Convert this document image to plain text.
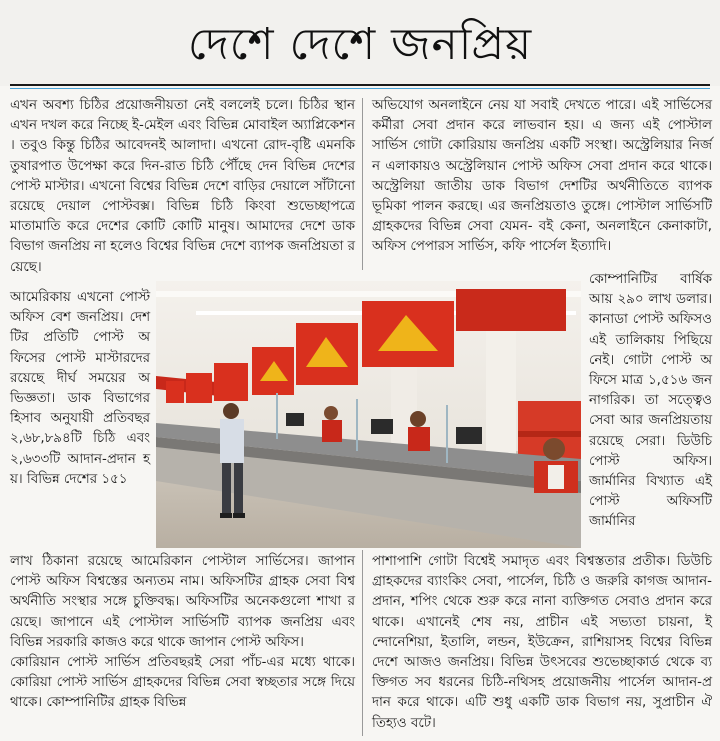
দেশে দেশে জনপ্রিয়

এখন অবশ্য চিঠির প্রয়োজনীয়তা নেই বললেই চলে। চিঠির স্থান এখন দখল করে নিচ্ছে ই-মেইল এবং বিভিন্ন মোবাইল অ্যাপ্লিকেশন। তবুও কিন্তু চিঠির আবেদনই আলাদা। এখনো রোদ-বৃষ্টি এমনকি তুষারপাত উপেক্ষা করে দিন-রাত চিঠি পৌঁছে দেন বিভিন্ন দেশের পোস্ট মাস্টার। এখনো বিশ্বের বিভিন্ন দেশে বাড়ির দেয়ালে সাঁটানো রয়েছে দেয়াল পোস্টবক্স। বিভিন্ন চিঠি কিংবা শুভেচ্ছাপত্রে মাতামাতি করে দেশের কোটি কোটি মানুষ। আমাদের দেশে ডাক বিভাগ জনপ্রিয় না হলেও বিশ্বের বিভিন্ন দেশে ব্যাপক জনপ্রিয়তা রয়েছে।

আমেরিকায় এখনো পোস্ট অফিস বেশ জনপ্রিয়। দেশটির প্রতিটি পোস্ট অফিসের পোস্ট মাস্টারদের রয়েছে দীর্ঘ সময়ের অভিজ্ঞতা। ডাক বিভাগের হিসাব অনুযায়ী প্রতিবছর ২,৬৮,৮৯৪টি চিঠি এবং ২,৬৩৩টি আদান-প্রদান হয়। বিভিন্ন দেশের ১৫১

লাখ ঠিকানা রয়েছে আমেরিকান পোস্টাল সার্ভিসের। জাপান পোস্ট অফিস বিশ্বস্তের অন্যতম নাম। অফিসটির গ্রাহক সেবা বিশ্ব অর্থনীতি সংস্থার সঙ্গে চুক্তিবদ্ধ। অফিসটির অনেকগুলো শাখা রয়েছে। জাপানে এই পোস্টাল সার্ভিসটি ব্যাপক জনপ্রিয় এবং বিভিন্ন সরকারি কাজও করে থাকে জাপান পোস্ট অফিস।

কোরিয়ান পোস্ট সার্ভিস প্রতিবছরই সেরা পাঁচ-এর মধ্যে থাকে। কোরিয়া পোস্ট সার্ভিস গ্রাহকদের বিভিন্ন সেবা স্বচ্ছতার সঙ্গে দিয়ে থাকে। কোম্পানিটির গ্রাহক বিভিন্ন

অভিযোগ অনলাইনে নেয় যা সবাই দেখতে পারে। এই সার্ভিসের কর্মীরা সেবা প্রদান করে লাভবান হয়। এ জন্য এই পোস্টাল সার্ভিস গোটা কোরিয়ায় জনপ্রিয় একটি সংস্থা। অস্ট্রেলিয়ার নির্জন এলাকায়ও অস্ট্রেলিয়ান পোস্ট অফিস সেবা প্রদান করে থাকে। অস্ট্রেলিয়া জাতীয় ডাক বিভাগ দেশটির অর্থনীতিতে ব্যাপক ভূমিকা পালন করছে। এর জনপ্রিয়তাও তুঙ্গে। পোস্টাল সার্ভিসটি গ্রাহকদের বিভিন্ন সেবা যেমন- বই কেনা, অনলাইনে কেনাকাটা, অফিস পেপারস সার্ভিস, কফি পার্সেল ইত্যাদি।

কোম্পানিটির বার্ষিক আয় ২৯০ লাখ ডলার। কানাডা পোস্ট অফিসও এই তালিকায় পিছিয়ে নেই। গোটা পোস্ট অফিসে মাত্র ১,৫১৬ জন নাগরিক। তা সত্ত্বেও সেবা আর জনপ্রিয়তায় রয়েছে সেরা। ডিউচি পোস্ট অফিস। জার্মানির বিখ্যাত এই পোস্ট অফিসটি জার্মানির

পাশাপাশি গোটা বিশ্বেই সমাদৃত এবং বিশ্বস্ততার প্রতীক। ডিউচি গ্রাহকদের ব্যাংকিং সেবা, পার্সেল, চিঠি ও জরুরি কাগজ আদান-প্রদান, শপিং থেকে শুরু করে নানা ব্যক্তিগত সেবাও প্রদান করে থাকে। এখানেই শেষ নয়, প্রাচীন এই সভ্যতা চায়না, ইন্দোনেশিয়া, ইতালি, লন্ডন, ইউক্রেন, রাশিয়াসহ বিশ্বের বিভিন্ন দেশে আজও জনপ্রিয়। বিভিন্ন উৎসবের শুভেচ্ছাকার্ড থেকে ব্যক্তিগত সব ধরনের চিঠি-নথিসহ প্রয়োজনীয় পার্সেল আদান-প্রদান করে থাকে। এটি শুধু একটি ডাক বিভাগ নয়, সুপ্রাচীন ঐতিহ্যও বটে।
